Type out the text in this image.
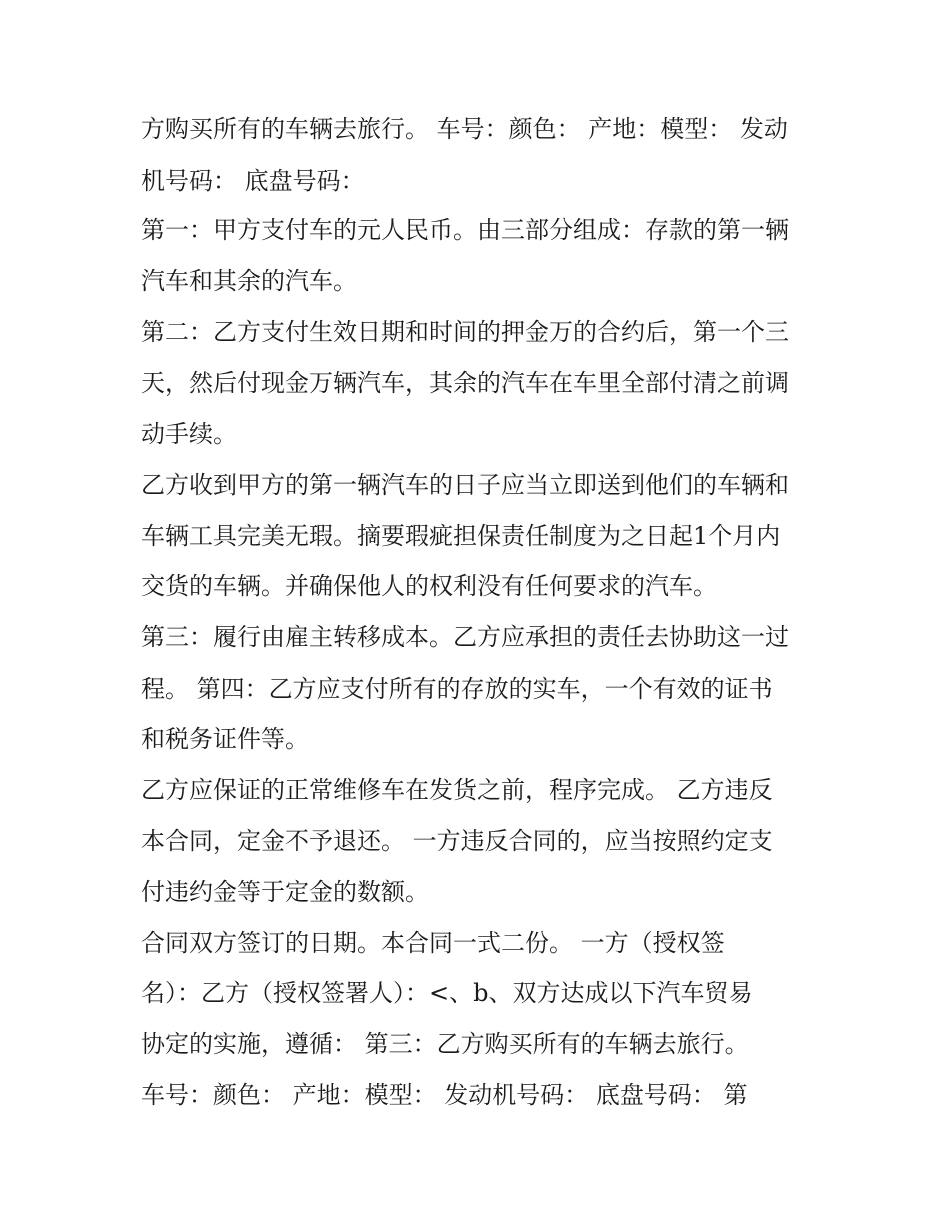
方购买所有的车辆去旅行。 车号：颜色： 产地：模型： 发动
机号码： 底盘号码：
第一：甲方支付车的元人民币。由三部分组成：存款的第一辆
汽车和其余的汽车。
第二：乙方支付生效日期和时间的押金万的合约后，第一个三
天，然后付现金万辆汽车，其余的汽车在车里全部付清之前调
动手续。
乙方收到甲方的第一辆汽车的日子应当立即送到他们的车辆和
车辆工具完美无瑕。摘要瑕疵担保责任制度为之日起1个月内
交货的车辆。并确保他人的权利没有任何要求的汽车。
第三：履行由雇主转移成本。乙方应承担的责任去协助这一过
程。 第四：乙方应支付所有的存放的实车，一个有效的证书
和税务证件等。
乙方应保证的正常维修车在发货之前，程序完成。 乙方违反
本合同，定金不予退还。 一方违反合同的，应当按照约定支
付违约金等于定金的数额。
合同双方签订的日期。本合同一式二份。 一方（授权签
名）：乙方（授权签署人）：<、b、双方达成以下汽车贸易
协定的实施，遵循： 第三：乙方购买所有的车辆去旅行。
车号：颜色： 产地：模型： 发动机号码： 底盘号码： 第
